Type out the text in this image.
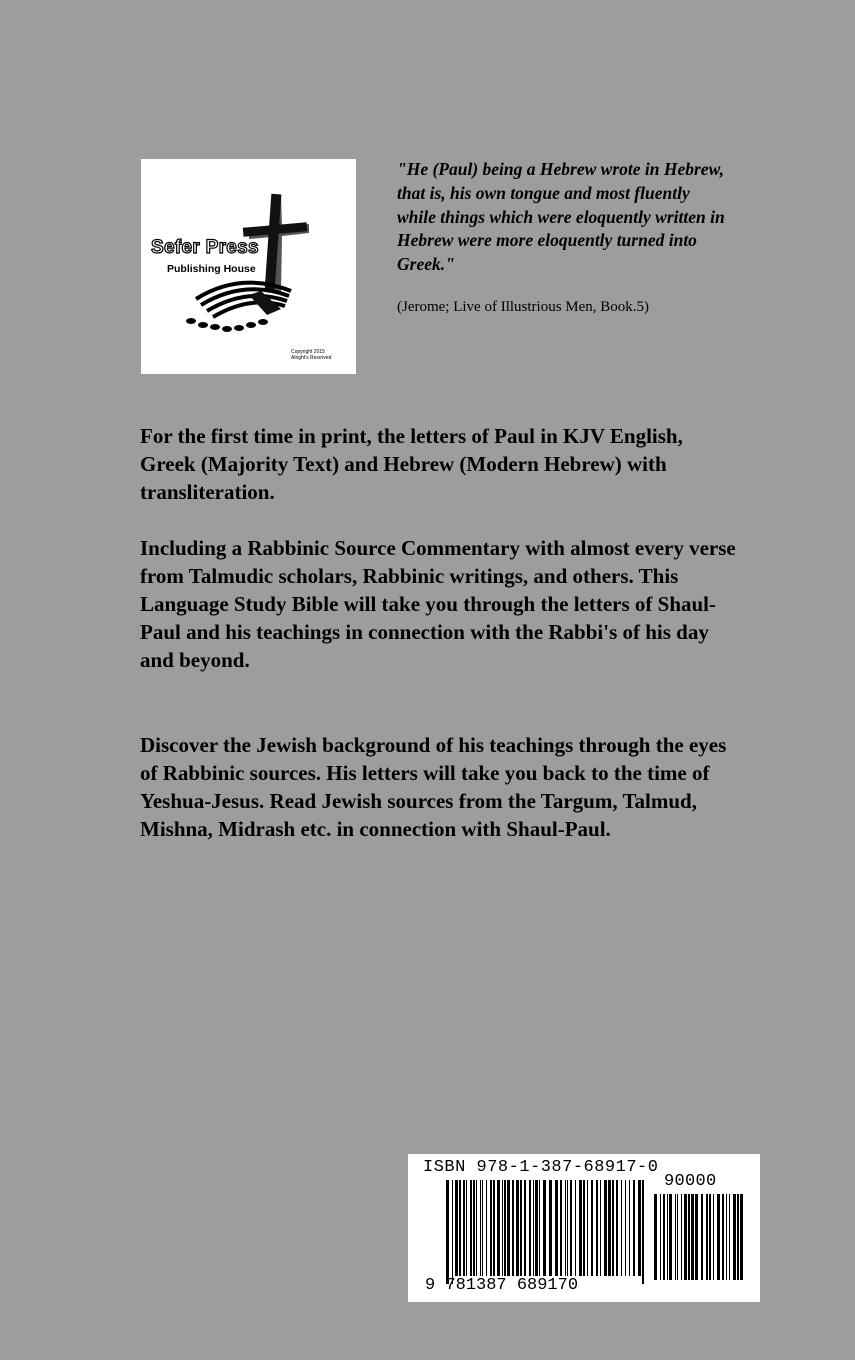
Sefer Press
Publishing House
Copyright 2015
Alright's Reserved
"He (Paul) being a Hebrew wrote in Hebrew, that is, his own tongue and most fluently while things which were eloquently written in Hebrew were more eloquently turned into Greek."
(Jerome; Live of Illustrious Men, Book.5)

For the first time in print, the letters of Paul in KJV English, Greek (Majority Text) and Hebrew (Modern Hebrew) with transliteration.

Including a Rabbinic Source Commentary with almost every verse from Talmudic scholars, Rabbinic writings, and others. This Language Study Bible will take you through the letters of Shaul-Paul and his teachings in connection with the Rabbi's of his day and beyond.

Discover the Jewish background of his teachings through the eyes of Rabbinic sources. His letters will take you back to the time of Yeshua-Jesus. Read Jewish sources from the Targum, Talmud, Mishna, Midrash etc. in connection with Shaul-Paul.

ISBN 978-1-387-68917-0
90000
9 781387 689170
